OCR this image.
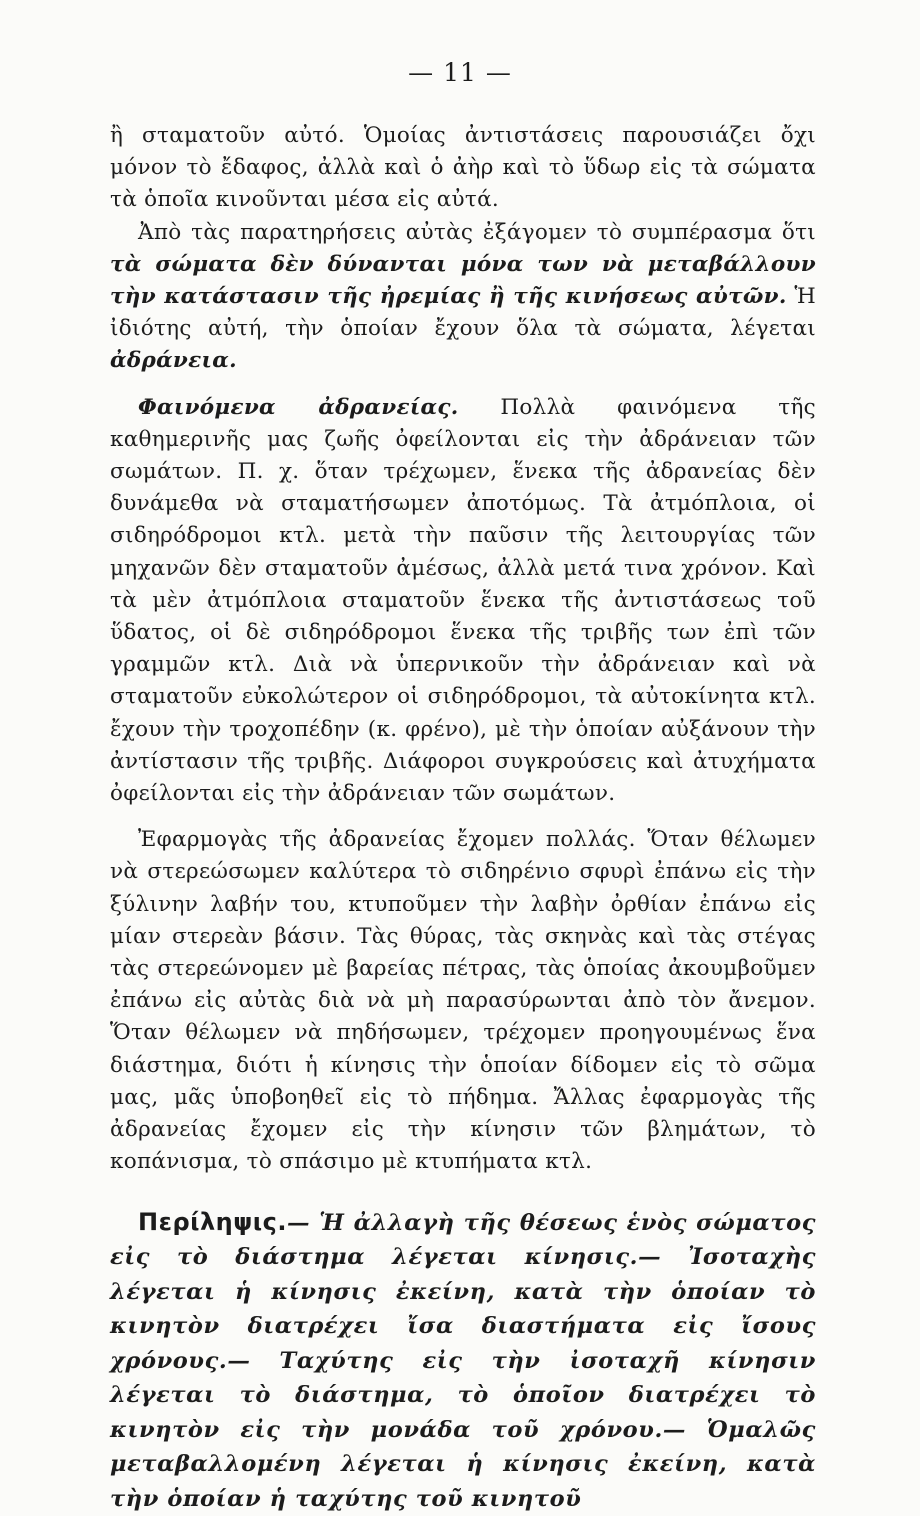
— 11 —

ἢ σταματοῦν αὐτό. Ὁμοίας ἀντιστάσεις παρουσιάζει ὄχι μόνον τὸ ἔδαφος, ἀλλὰ καὶ ὁ ἀὴρ καὶ τὸ ὕδωρ εἰς τὰ σώματα τὰ ὁποῖα κινοῦνται μέσα εἰς αὐτά.

Ἀπὸ τὰς παρατηρήσεις αὐτὰς ἐξάγομεν τὸ συμπέρασμα ὅτι τὰ σώματα δὲν δύνανται μόνα των νὰ μεταβάλλουν τὴν κατάστασιν τῆς ἠρεμίας ἢ τῆς κινήσεως αὐτῶν. Ἡ ἰδιότης αὐτή, τὴν ὁποίαν ἔχουν ὅλα τὰ σώματα, λέγεται ἀδράνεια.

Φαινόμενα ἀδρανείας. Πολλὰ φαινόμενα τῆς καθημερινῆς μας ζωῆς ὀφείλονται εἰς τὴν ἀδράνειαν τῶν σωμάτων. Π. χ. ὅταν τρέχωμεν, ἕνεκα τῆς ἀδρανείας δὲν δυνάμεθα νὰ σταματήσωμεν ἀποτόμως. Τὰ ἀτμόπλοια, οἱ σιδηρόδρομοι κτλ. μετὰ τὴν παῦσιν τῆς λειτουργίας τῶν μηχανῶν δὲν σταματοῦν ἀμέσως, ἀλλὰ μετά τινα χρόνον. Καὶ τὰ μὲν ἀτμόπλοια σταματοῦν ἕνεκα τῆς ἀντιστάσεως τοῦ ὕδατος, οἱ δὲ σιδηρόδρομοι ἕνεκα τῆς τριβῆς των ἐπὶ τῶν γραμμῶν κτλ. Διὰ νὰ ὑπερνικοῦν τὴν ἀδράνειαν καὶ νὰ σταματοῦν εὐκολώτερον οἱ σιδηρόδρομοι, τὰ αὐτοκίνητα κτλ. ἔχουν τὴν τροχοπέδην (κ. φρένο), μὲ τὴν ὁποίαν αὐξάνουν τὴν ἀντίστασιν τῆς τριβῆς. Διάφοροι συγκρούσεις καὶ ἀτυχήματα ὀφείλονται εἰς τὴν ἀδράνειαν τῶν σωμάτων.

Ἐφαρμογὰς τῆς ἀδρανείας ἔχομεν πολλάς. Ὅταν θέλωμεν νὰ στερεώσωμεν καλύτερα τὸ σιδηρένιο σφυρὶ ἐπάνω εἰς τὴν ξύλινην λαβήν του, κτυποῦμεν τὴν λαβὴν ὀρθίαν ἐπάνω εἰς μίαν στερεὰν βάσιν. Τὰς θύρας, τὰς σκηνὰς καὶ τὰς στέγας τὰς στερεώνομεν μὲ βαρείας πέτρας, τὰς ὁποίας ἀκουμβοῦμεν ἐπάνω εἰς αὐτὰς διὰ νὰ μὴ παρασύρωνται ἀπὸ τὸν ἄνεμον. Ὅταν θέλωμεν νὰ πηδήσωμεν, τρέχομεν προηγουμένως ἕνα διάστημα, διότι ἡ κίνησις τὴν ὁποίαν δίδομεν εἰς τὸ σῶμα μας, μᾶς ὑποβοηθεῖ εἰς τὸ πήδημα. Ἄλλας ἐφαρμογὰς τῆς ἀδρανείας ἔχομεν εἰς τὴν κίνησιν τῶν βλημάτων, τὸ κοπάνισμα, τὸ σπάσιμο μὲ κτυπήματα κτλ.

Περίληψις.— Ἡ ἀλλαγὴ τῆς θέσεως ἑνὸς σώματος εἰς τὸ διάστημα λέγεται κίνησις.— Ἰσοταχὴς λέγεται ἡ κίνησις ἐκείνη, κατὰ τὴν ὁποίαν τὸ κινητὸν διατρέχει ἴσα διαστήματα εἰς ἴσους χρόνους.— Ταχύτης εἰς τὴν ἰσοταχῆ κίνησιν λέγεται τὸ διάστημα, τὸ ὁποῖον διατρέχει τὸ κινητὸν εἰς τὴν μονάδα τοῦ χρόνου.— Ὁμαλῶς μεταβαλλομένη λέγεται ἡ κίνησις ἐκείνη, κατὰ τὴν ὁποίαν ἡ ταχύτης τοῦ κινητοῦ
